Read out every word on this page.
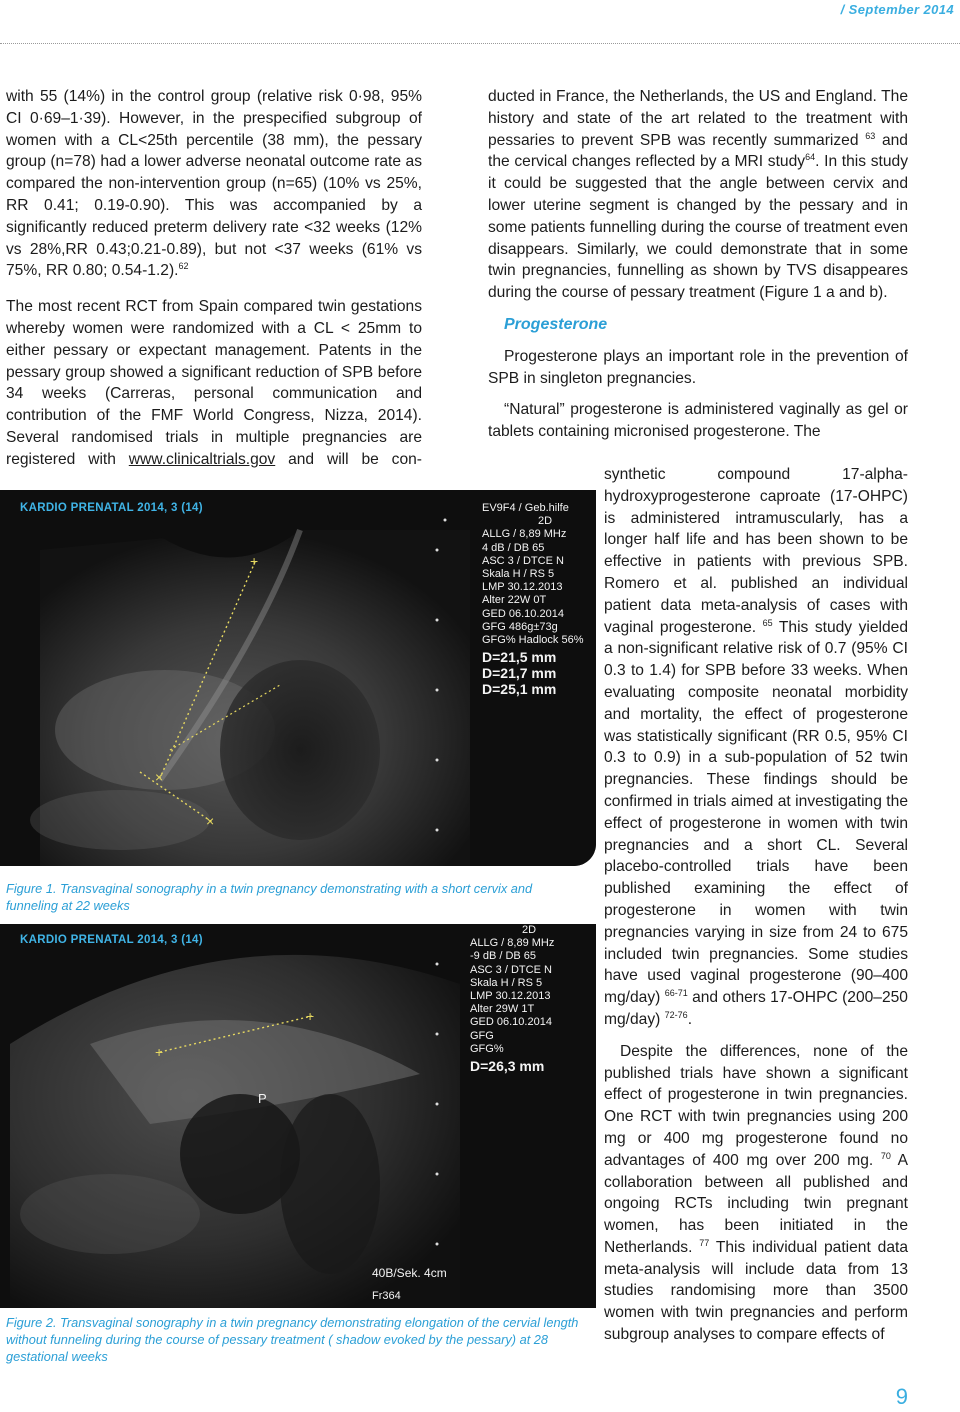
/ September 2014

with 55 (14%) in the control group (relative risk 0·98, 95% CI 0·69–1·39). However, in the prespecified subgroup of women with a CL<25th percentile (38 mm), the pessary group (n=78) had a lower adverse neonatal outcome rate as compared the non-intervention group (n=65) (10% vs 25%, RR 0.41; 0.19-0.90). This was accompanied by a significantly reduced preterm delivery rate <32 weeks (12% vs 28%,RR 0.43;0.21-0.89), but not <37 weeks (61% vs 75%, RR 0.80; 0.54-1.2).$^{62}$

The most recent RCT from Spain compared twin gestations whereby women were randomized with a CL < 25mm to either pessary or expectant management. Patents in the pessary group showed a significant reduction of SPB before 34 weeks (Carreras, personal communication and contribution of the FMF World Congress, Nizza, 2014). Several randomised trials in multiple pregnancies are registered with www.clinicaltrials.gov and will be con-

ducted in France, the Netherlands, the US and England. The history and state of the art related to the treatment with pessaries to prevent SPB was recently summarized $^{63}$ and the cervical changes reflected by a MRI study$^{64}$. In this study it could be suggested that the angle between cervix and lower uterine segment is changed by the pessary and in some patients funnelling during the course of treatment even disappears. Similarly, we could demonstrate that in some twin pregnancies, funnelling as shown by TVS disappeares during the course of pessary treatment (Figure 1 a and b).

Progesterone

Progesterone plays an important role in the prevention of SPB in singleton pregnancies.

“Natural” progesterone is administered vaginally as gel or tablets containing micronised progesterone. The

synthetic compound 17-alpha-hydroxyprogesterone caproate (17-OHPC) is administered intramuscularly, has a longer half life and has been shown to be effective in patients with previous SPB. Romero et al. published an individual patient data meta-analysis of cases with vaginal progesterone. $^{65}$ This study yielded a non-significant relative risk of 0.7 (95% CI 0.3 to 1.4) for SPB before 33 weeks. When evaluating composite neonatal morbidity and mortality, the effect of progesterone was statistically significant (RR 0.5, 95% CI 0.3 to 0.9) in a sub-population of 52 twin pregnancies. These findings should be confirmed in trials aimed at investigating the effect of progesterone in women with twin pregnancies and a short CL. Several placebo-controlled trials have been published examining the effect of progesterone in women with twin pregnancies varying in size from 24 to 675 included twin pregnancies. Some studies have used vaginal progesterone (90–400 mg/day) $^{66-71}$ and others 17-OHPC (200–250 mg/day) $^{72-76}$.

Despite the differences, none of the published trials have shown a significant effect of progesterone in twin pregnancies. One RCT with twin pregnancies using 200 mg or 400 mg progesterone found no advantages of 400 mg over 200 mg. $^{70}$ A collaboration between all published and ongoing RCTs including twin pregnant women, has been initiated in the Netherlands. $^{77}$ This individual patient data meta-analysis will include data from 13 studies randomising more than 3500 women with twin pregnancies and perform subgroup analyses to compare effects of

+
×
×
KARDIO PRENATAL 2014, 3 (14)	EV9F4 / Geb.hilfe
2D
ALLG / 8,89 MHz
4 dB / DB 65
ASC 3 / DTCE N
Skala H / RS 5
LMP 30.12.2013
Alter 22W 0T
GED 06.10.2014
GFG 486g±73g
GFG% Hadlock 56%
D=21,5 mm
D=21,7 mm
D=25,1 mm
Figure 1. Transvaginal sonography in a twin pregnancy demonstrating with a short cervix and funneling at 22 weeks
+
+
KARDIO PRENATAL 2014, 3 (14)
2D
ALLG / 8,89 MHz
-9 dB / DB 65
ASC 3 / DTCE N
Skala H / RS 5
LMP 30.12.2013
Alter 29W 1T
GED 06.10.2014
GFG
GFG%
D=26,3 mm
P
40B/Sek. 4cm
Fr364
Figure 2. Transvaginal sonography in a twin pregnancy demonstrating elongation of the cervial length without funneling during the course of pessary treatment ( shadow evoked by the pessary) at 28 gestational weeks
9
